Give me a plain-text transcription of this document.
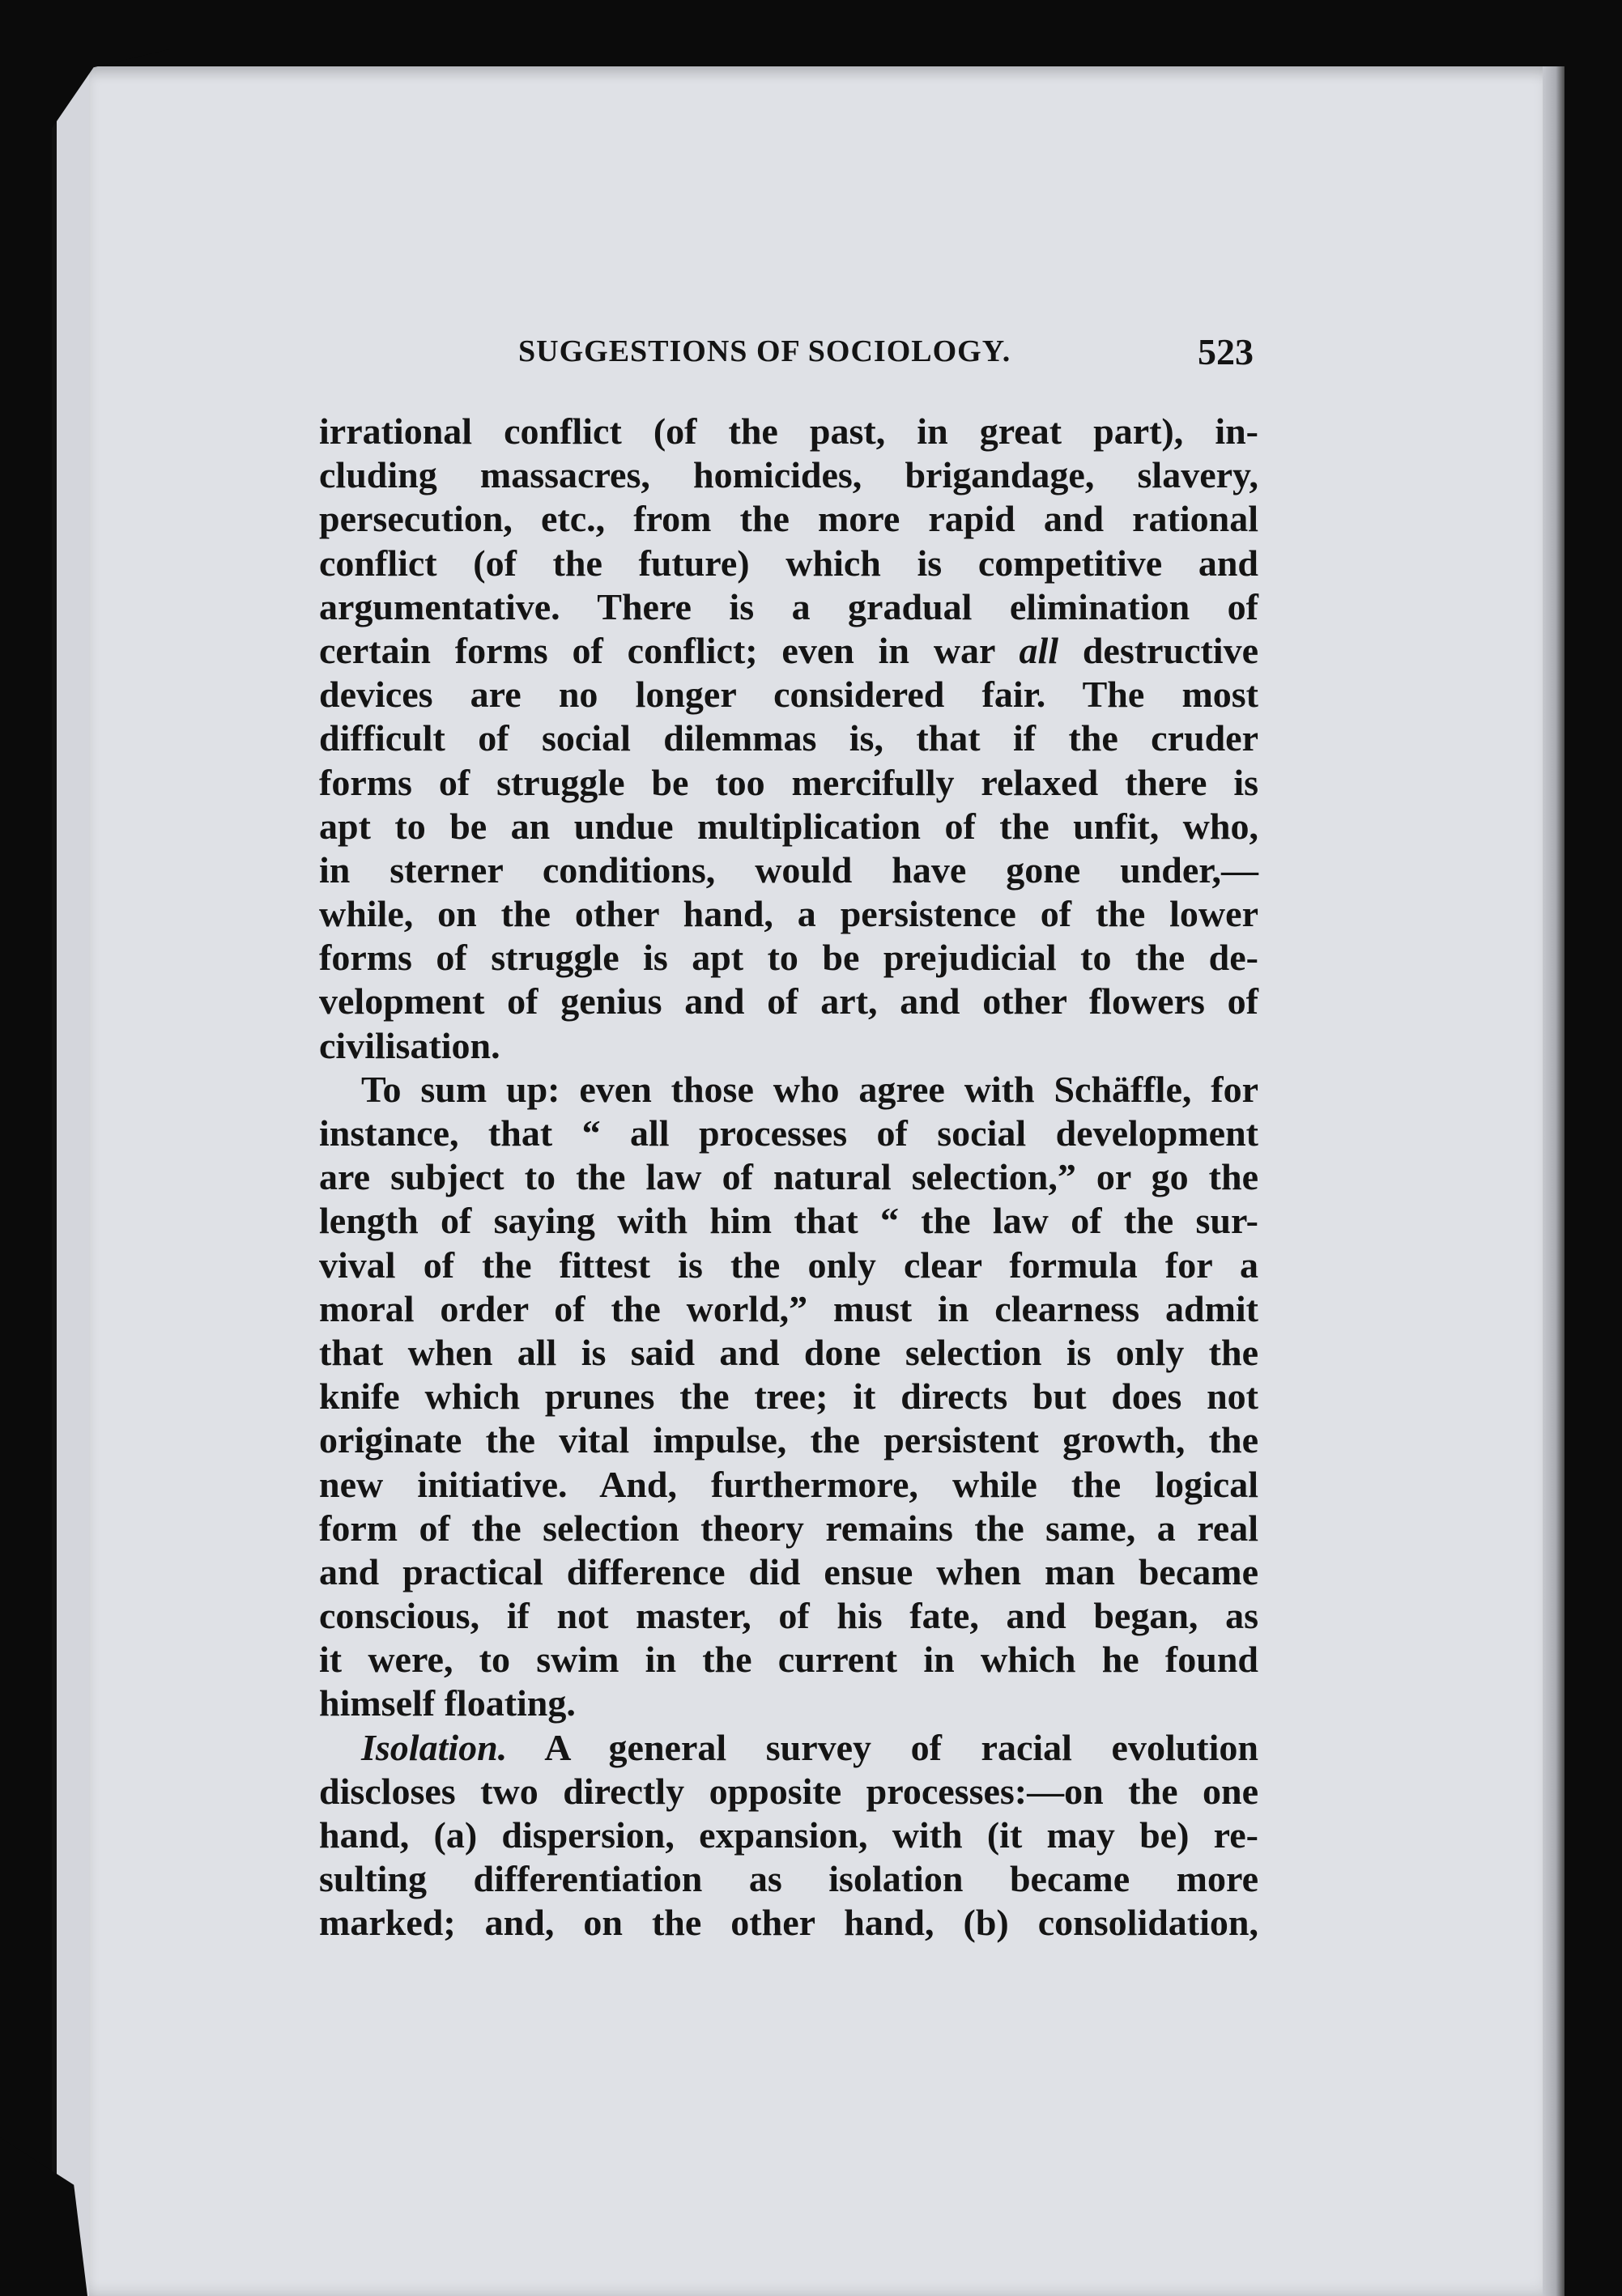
SUGGESTIONS OF SOCIOLOGY.	523
irrational conflict (of the past, in great part), in-
cluding massacres, homicides, brigandage, slavery,
persecution, etc., from the more rapid and rational
conflict (of the future) which is competitive and
argumentative. There is a gradual elimination of
certain forms of conflict; even in war all destructive
devices are no longer considered fair. The most
difficult of social dilemmas is, that if the cruder
forms of struggle be too mercifully relaxed there is
apt to be an undue multiplication of the unfit, who,
in sterner conditions, would have gone under,—
while, on the other hand, a persistence of the lower
forms of struggle is apt to be prejudicial to the de-
velopment of genius and of art, and other flowers of
civilisation.
To sum up: even those who agree with Schäffle, for
instance, that “ all processes of social development
are subject to the law of natural selection,” or go the
length of saying with him that “ the law of the sur-
vival of the fittest is the only clear formula for a
moral order of the world,” must in clearness admit
that when all is said and done selection is only the
knife which prunes the tree; it directs but does not
originate the vital impulse, the persistent growth, the
new initiative. And, furthermore, while the logical
form of the selection theory remains the same, a real
and practical difference did ensue when man became
conscious, if not master, of his fate, and began, as
it were, to swim in the current in which he found
himself floating.
Isolation. A general survey of racial evolution
discloses two directly opposite processes:—on the one
hand, (a) dispersion, expansion, with (it may be) re-
sulting differentiation as isolation became more
marked; and, on the other hand, (b) consolidation,
